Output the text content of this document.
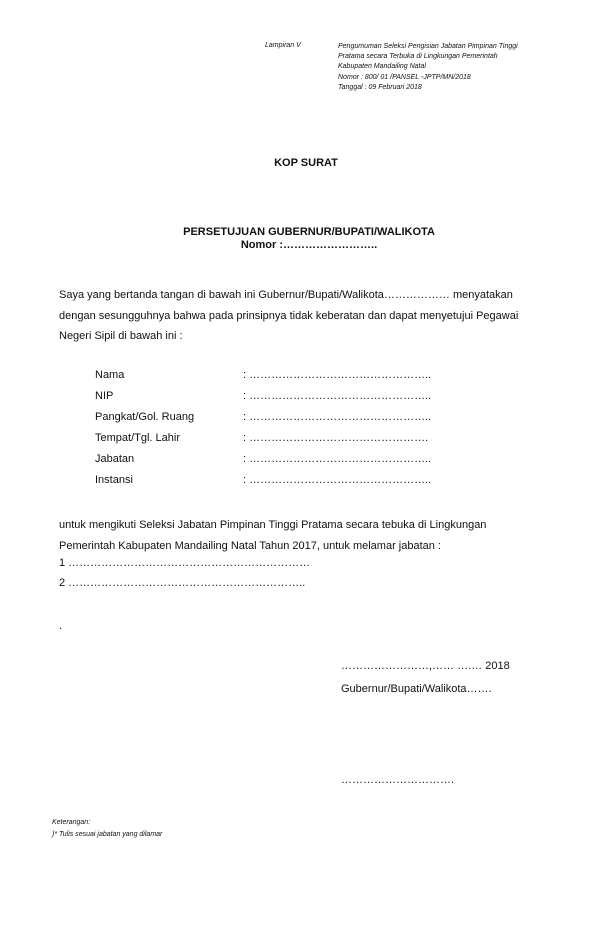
Lampiran V	Pengumuman Seleksi Pengisian Jabatan Pimpinan Tinggi
Pratama secara Terbuka di Lingkungan Pemerintah
Kabupaten Mandailing Natal
Nomor : 800/ 01 /PANSEL -JPTP/MN/2018
Tanggal : 09 Februari 2018
KOP SURAT
PERSETUJUAN GUBERNUR/BUPATI/WALIKOTA
Nomor :……………………..
Saya yang bertanda tangan di bawah ini Gubernur/Bupati/Walikota……………… menyatakan
dengan sesungguhnya bahwa pada prinsipnya tidak keberatan dan dapat menyetujui Pegawai
Negeri Sipil di bawah ini :
Nama	: …………………………………………..
NIP	: …………………………………………..
Pangkat/Gol. Ruang	: …………………………………………..
Tempat/Tgl. Lahir	: ………………………………………….
Jabatan	: …………………………………………..
Instansi	: …………………………………………..
untuk mengikuti Seleksi Jabatan Pimpinan Tinggi Pratama secara tebuka di Lingkungan
Pemerintah Kabupaten Mandailing Natal Tahun 2017, untuk melamar jabatan :
1 …………………………………………………………
2 ………………………………………………………..
.
……………………,…… ….… 2018
Gubernur/Bupati/Walikota…….
………………………….
Keterangan:
)* Tulis sesuai jabatan yang dilamar
